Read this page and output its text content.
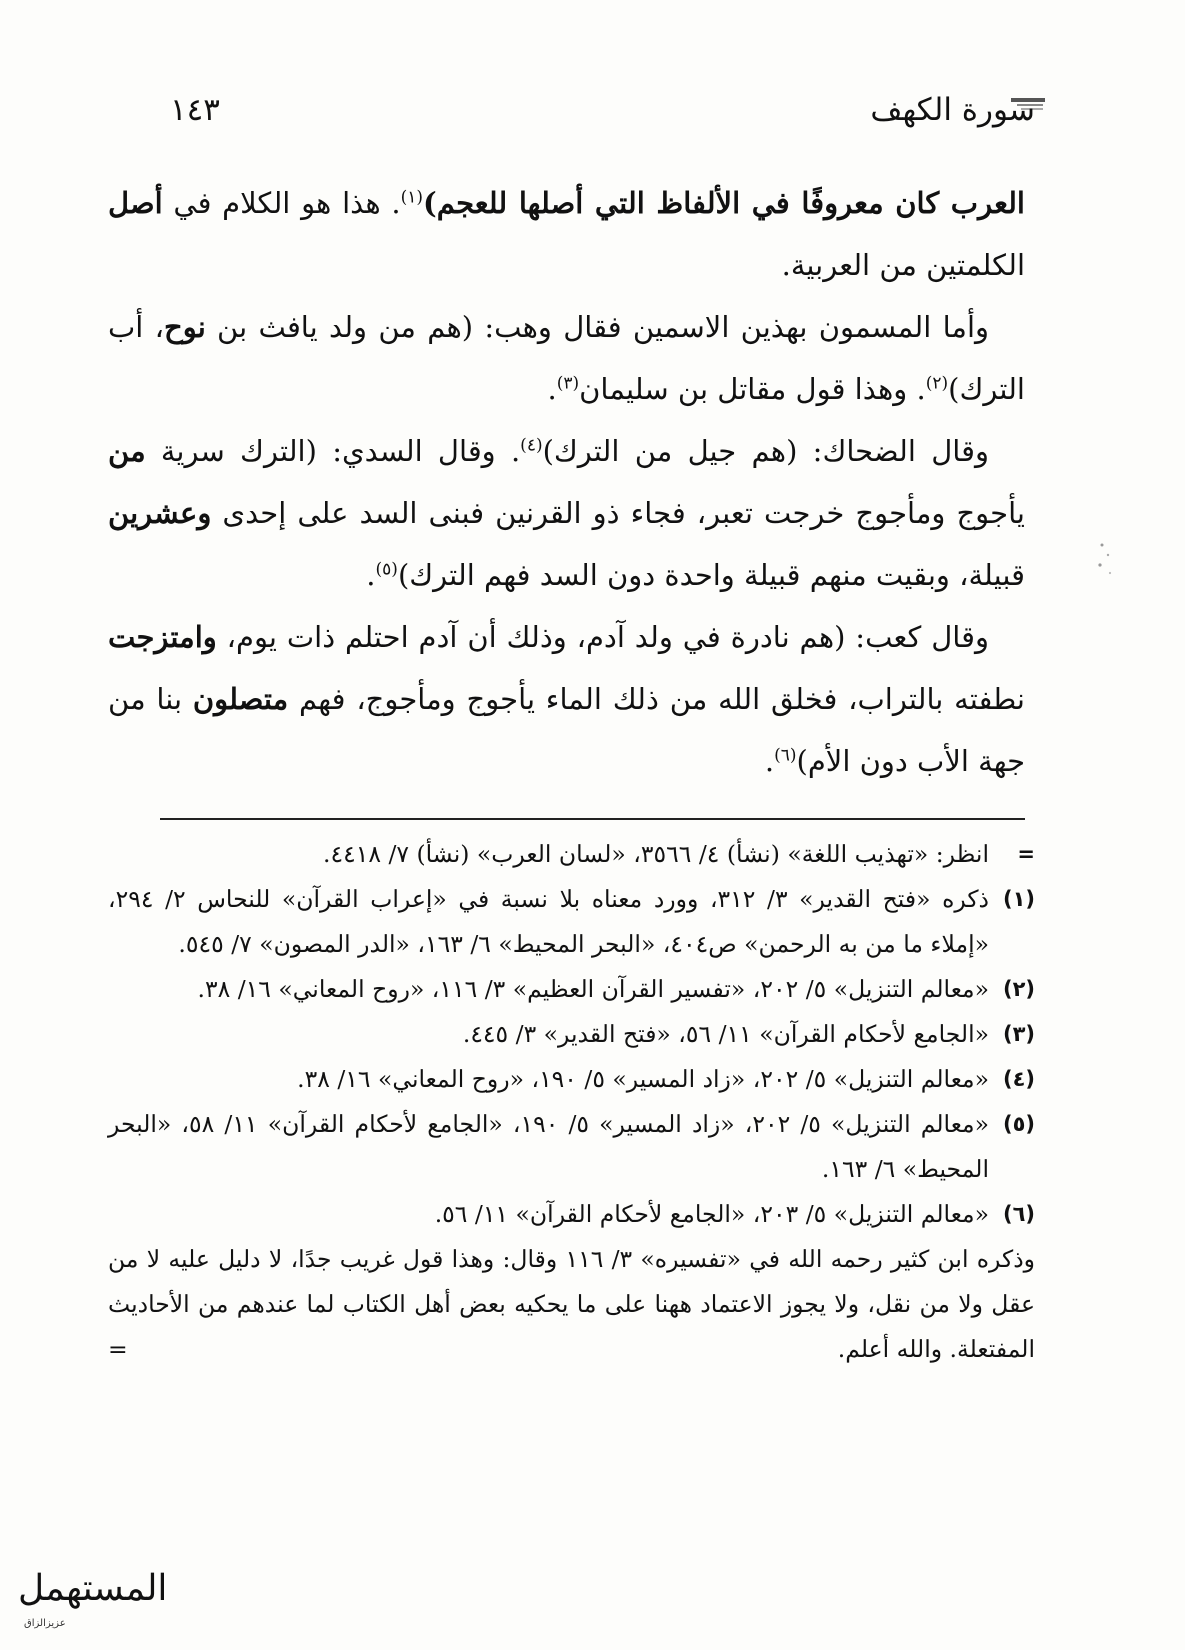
سورة الكهف
١٤٣

العرب كان معروفًا في الألفاظ التي أصلها للعجم)$^{(١)}$. هذا هو الكلام في أصل الكلمتين من العربية.

وأما المسمون بهذين الاسمين فقال وهب: (هم من ولد يافث بن نوح، أب الترك)$^{(٢)}$. وهذا قول مقاتل بن سليمان$^{(٣)}$.

وقال الضحاك: (هم جيل من الترك)$^{(٤)}$. وقال السدي: (الترك سرية من يأجوج ومأجوج خرجت تعبر، فجاء ذو القرنين فبنى السد على إحدى وعشرين قبيلة، وبقيت منهم قبيلة واحدة دون السد فهم الترك)$^{(٥)}$.

وقال كعب: (هم نادرة في ولد آدم، وذلك أن آدم احتلم ذات يوم، وامتزجت نطفته بالتراب، فخلق الله من ذلك الماء يأجوج ومأجوج، فهم متصلون بنا من جهة الأب دون الأم)$^{(٦)}$.

=
انظر: «تهذيب اللغة» (نشأ) ٤/ ٣٥٦٦، «لسان العرب» (نشأ) ٧/ ٤٤١٨.
(١)
ذكره «فتح القدير» ٣/ ٣١٢، وورد معناه بلا نسبة في «إعراب القرآن» للنحاس ٢/ ٢٩٤، «إملاء ما من به الرحمن» ص٤٠٤، «البحر المحيط» ٦/ ١٦٣، «الدر المصون» ٧/ ٥٤٥.
(٢)
«معالم التنزيل» ٥/ ٢٠٢، «تفسير القرآن العظيم» ٣/ ١١٦، «روح المعاني» ١٦/ ٣٨.
(٣)
«الجامع لأحكام القرآن» ١١/ ٥٦، «فتح القدير» ٣/ ٤٤٥.
(٤)
«معالم التنزيل» ٥/ ٢٠٢، «زاد المسير» ٥/ ١٩٠، «روح المعاني» ١٦/ ٣٨.
(٥)
«معالم التنزيل» ٥/ ٢٠٢، «زاد المسير» ٥/ ١٩٠، «الجامع لأحكام القرآن» ١١/ ٥٨، «البحر المحيط» ٦/ ١٦٣.
(٦)
«معالم التنزيل» ٥/ ٢٠٣، «الجامع لأحكام القرآن» ١١/ ٥٦.
وذكره ابن كثير رحمه الله في «تفسيره» ٣/ ١١٦ وقال: وهذا قول غريب جدًا، لا دليل عليه لا من عقل ولا من نقل، ولا يجوز الاعتماد ههنا على ما يحكيه بعض أهل الكتاب لما عندهم من الأحاديث المفتعلة. والله أعلم.
=
المستهمل
عزيزالزاق
